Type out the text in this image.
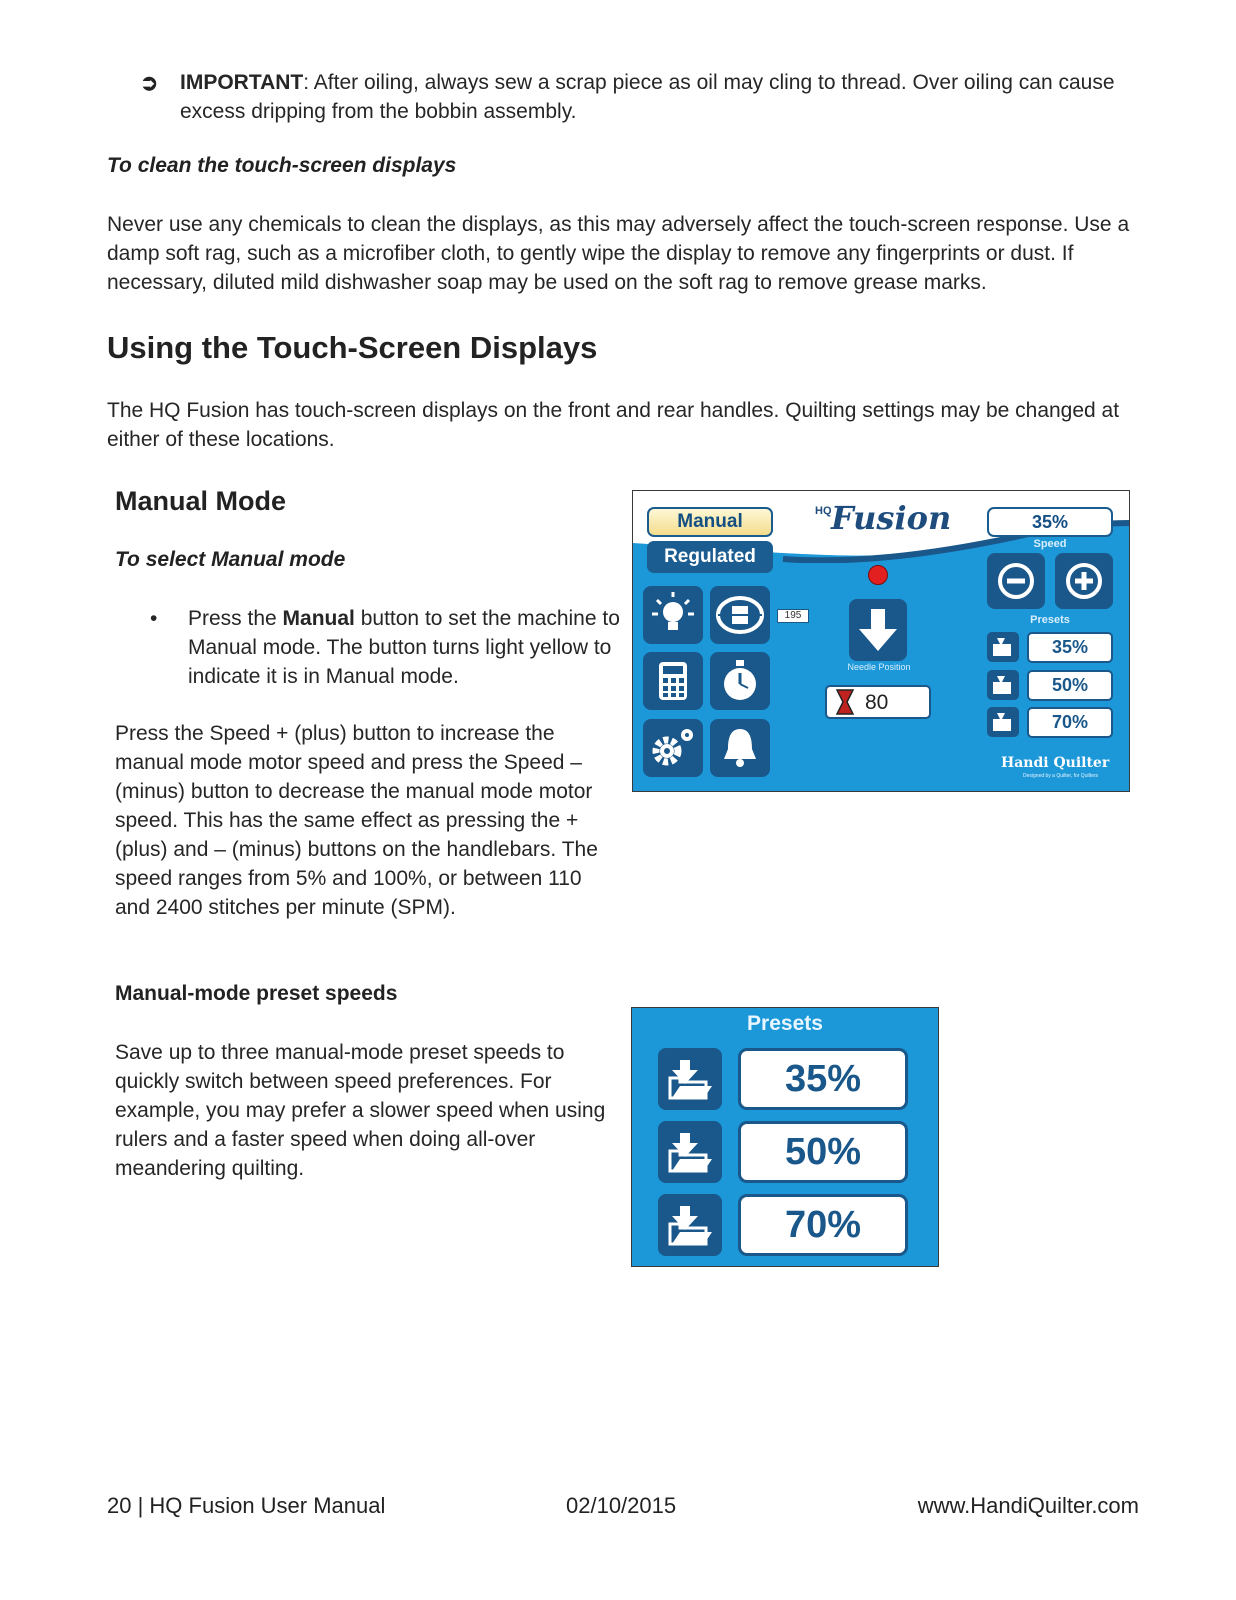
➲ IMPORTANT: After oiling, always sew a scrap piece as oil may cling to thread. Over oiling can cause excess dripping from the bobbin assembly.
To clean the touch-screen displays
Never use any chemicals to clean the displays, as this may adversely affect the touch-screen response. Use a damp soft rag, such as a microfiber cloth, to gently wipe the display to remove any fingerprints or dust. If necessary, diluted mild dishwasher soap may be used on the soft rag to remove grease marks.
Using the Touch-Screen Displays
The HQ Fusion has touch-screen displays on the front and rear handles. Quilting settings may be changed at either of these locations.
Manual Mode
To select Manual mode
• Press the Manual button to set the machine to Manual mode. The button turns light yellow to indicate it is in Manual mode.
Press the Speed + (plus) button to increase the manual mode motor speed and press the Speed – (minus) button to decrease the manual mode motor speed. This has the same effect as pressing the + (plus) and – (minus) buttons on the handlebars. The speed ranges from 5% and 100%, or between 110 and 2400 stitches per minute (SPM).
Manual-mode preset speeds
Save up to three manual-mode preset speeds to quickly switch between speed preferences. For example, you may prefer a slower speed when using rulers and a faster speed when doing all-over meandering quilting.
20 | HQ Fusion User Manual	02/10/2015	www.HandiQuilter.com
Manual
Regulated
HQ Fusion	35%
Speed
195
Needle Position
80
Presets
35%
50%
70%
Handi Quilter
Designed by a Quilter, for Quilters
Presets
35%
50%
70%
